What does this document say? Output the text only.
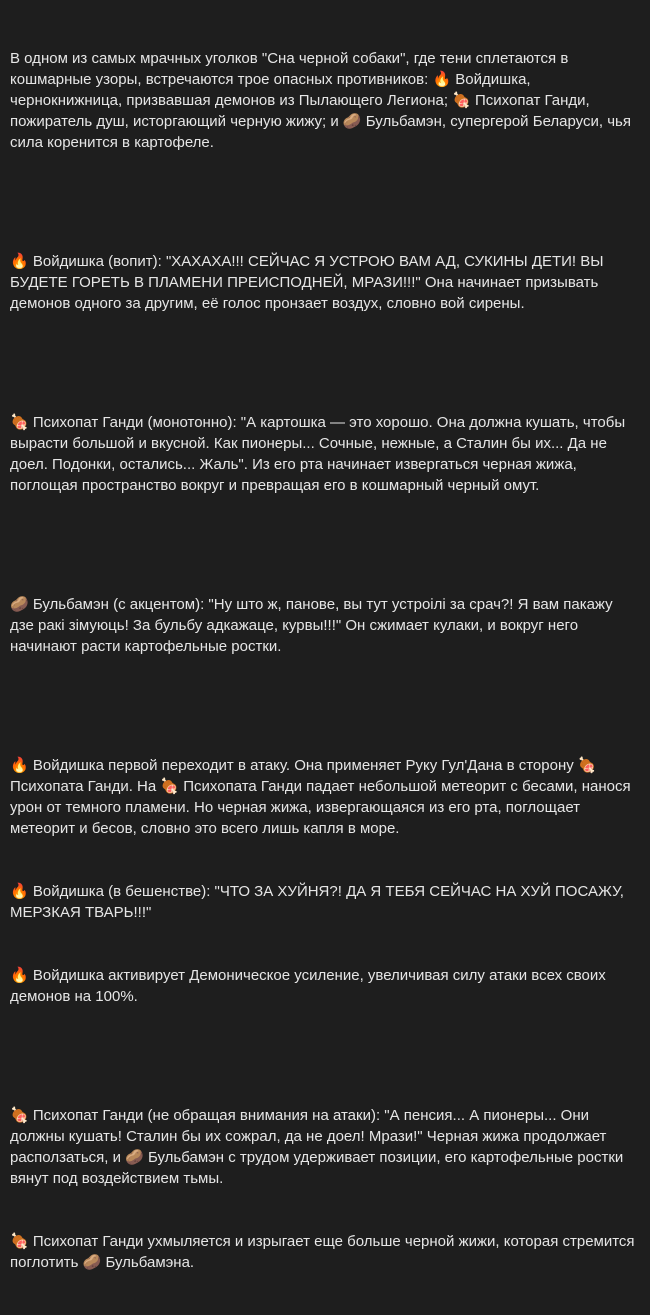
В одном из самых мрачных уголков "Сна черной собаки", где тени сплетаются в кошмарные узоры, встречаются трое опасных противников: 🔥 Войдишка, чернокнижница, призвавшая демонов из Пылающего Легиона; 🍖 Психопат Ганди, пожиратель душ, исторгающий черную жижу; и 🥔 Бульбамэн, супергерой Беларуси, чья сила коренится в картофеле.

🔥 Войдишка (вопит): "ХАХАХА!!! СЕЙЧАС Я УСТРОЮ ВАМ АД, СУКИНЫ ДЕТИ! ВЫ БУДЕТЕ ГОРЕТЬ В ПЛАМЕНИ ПРЕИСПОДНЕЙ, МРАЗИ!!!" Она начинает призывать демонов одного за другим, её голос пронзает воздух, словно вой сирены.

🍖 Психопат Ганди (монотонно): "А картошка — это хорошо. Она должна кушать, чтобы вырасти большой и вкусной. Как пионеры... Сочные, нежные, а Сталин бы их... Да не доел. Подонки, остались... Жаль". Из его рта начинает извергаться черная жижа, поглощая пространство вокруг и превращая его в кошмарный черный омут.

🥔 Бульбамэн (с акцентом): "Ну што ж, панове, вы тут устроілі за срач?! Я вам пакажу дзе ракі зімуюць! За бульбу адкажаце, курвы!!!" Он сжимает кулаки, и вокруг него начинают расти картофельные ростки.

🔥 Войдишка первой переходит в атаку. Она применяет Руку Гул'Дана в сторону 🍖 Психопата Ганди. На 🍖 Психопата Ганди падает небольшой метеорит с бесами, нанося урон от темного пламени. Но черная жижа, извергающаяся из его рта, поглощает метеорит и бесов, словно это всего лишь капля в море.

🔥 Войдишка (в бешенстве): "ЧТО ЗА ХУЙНЯ?! ДА Я ТЕБЯ СЕЙЧАС НА ХУЙ ПОСАЖУ, МЕРЗКАЯ ТВАРЬ!!!"

🔥 Войдишка активирует Демоническое усиление, увеличивая силу атаки всех своих демонов на 100%.

🍖 Психопат Ганди (не обращая внимания на атаки): "А пенсия... А пионеры... Они должны кушать! Сталин бы их сожрал, да не доел! Мрази!" Черная жижа продолжает расползаться, и 🥔 Бульбамэн с трудом удерживает позиции, его картофельные ростки вянут под воздействием тьмы.

🍖 Психопат Ганди ухмыляется и изрыгает еще больше черной жижи, которая стремится поглотить 🥔 Бульбамэна.
